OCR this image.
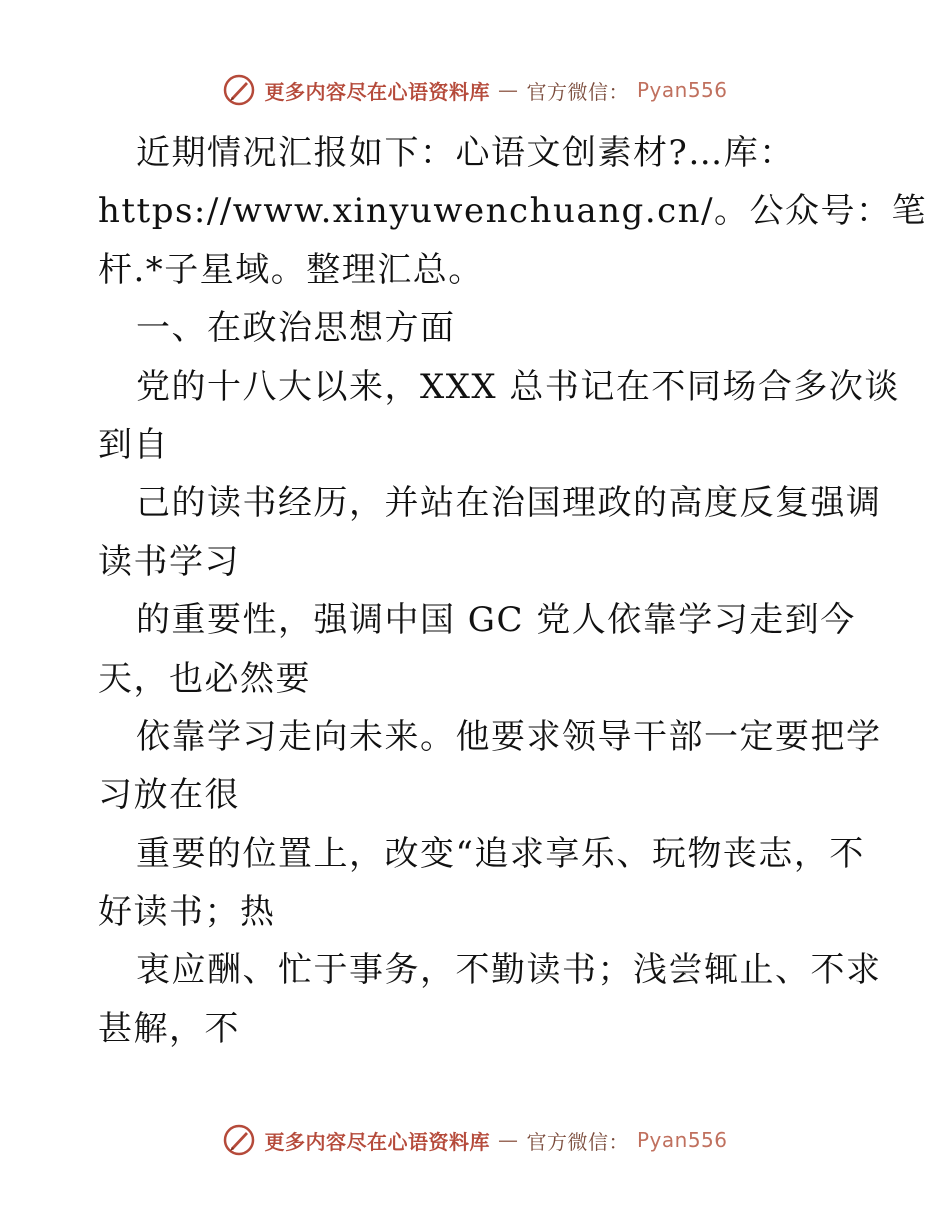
更多内容尽在心语资料库 — 官方微信： Pyan556
近期情况汇报如下：心语文创素材?…库：
https://www.xinyuwenchuang.cn/。公众号：笔
杆.*子星域。整理汇总。
一、在政治思想方面
党的十八大以来，XXX 总书记在不同场合多次谈
到自
己的读书经历，并站在治国理政的高度反复强调
读书学习
的重要性，强调中国 GC 党人依靠学习走到今
天，也必然要
依靠学习走向未来。他要求领导干部一定要把学
习放在很
重要的位置上，改变“追求享乐、玩物丧志，不
好读书；热
衷应酬、忙于事务，不勤读书；浅尝辄止、不求
甚解，不
更多内容尽在心语资料库 — 官方微信： Pyan556
